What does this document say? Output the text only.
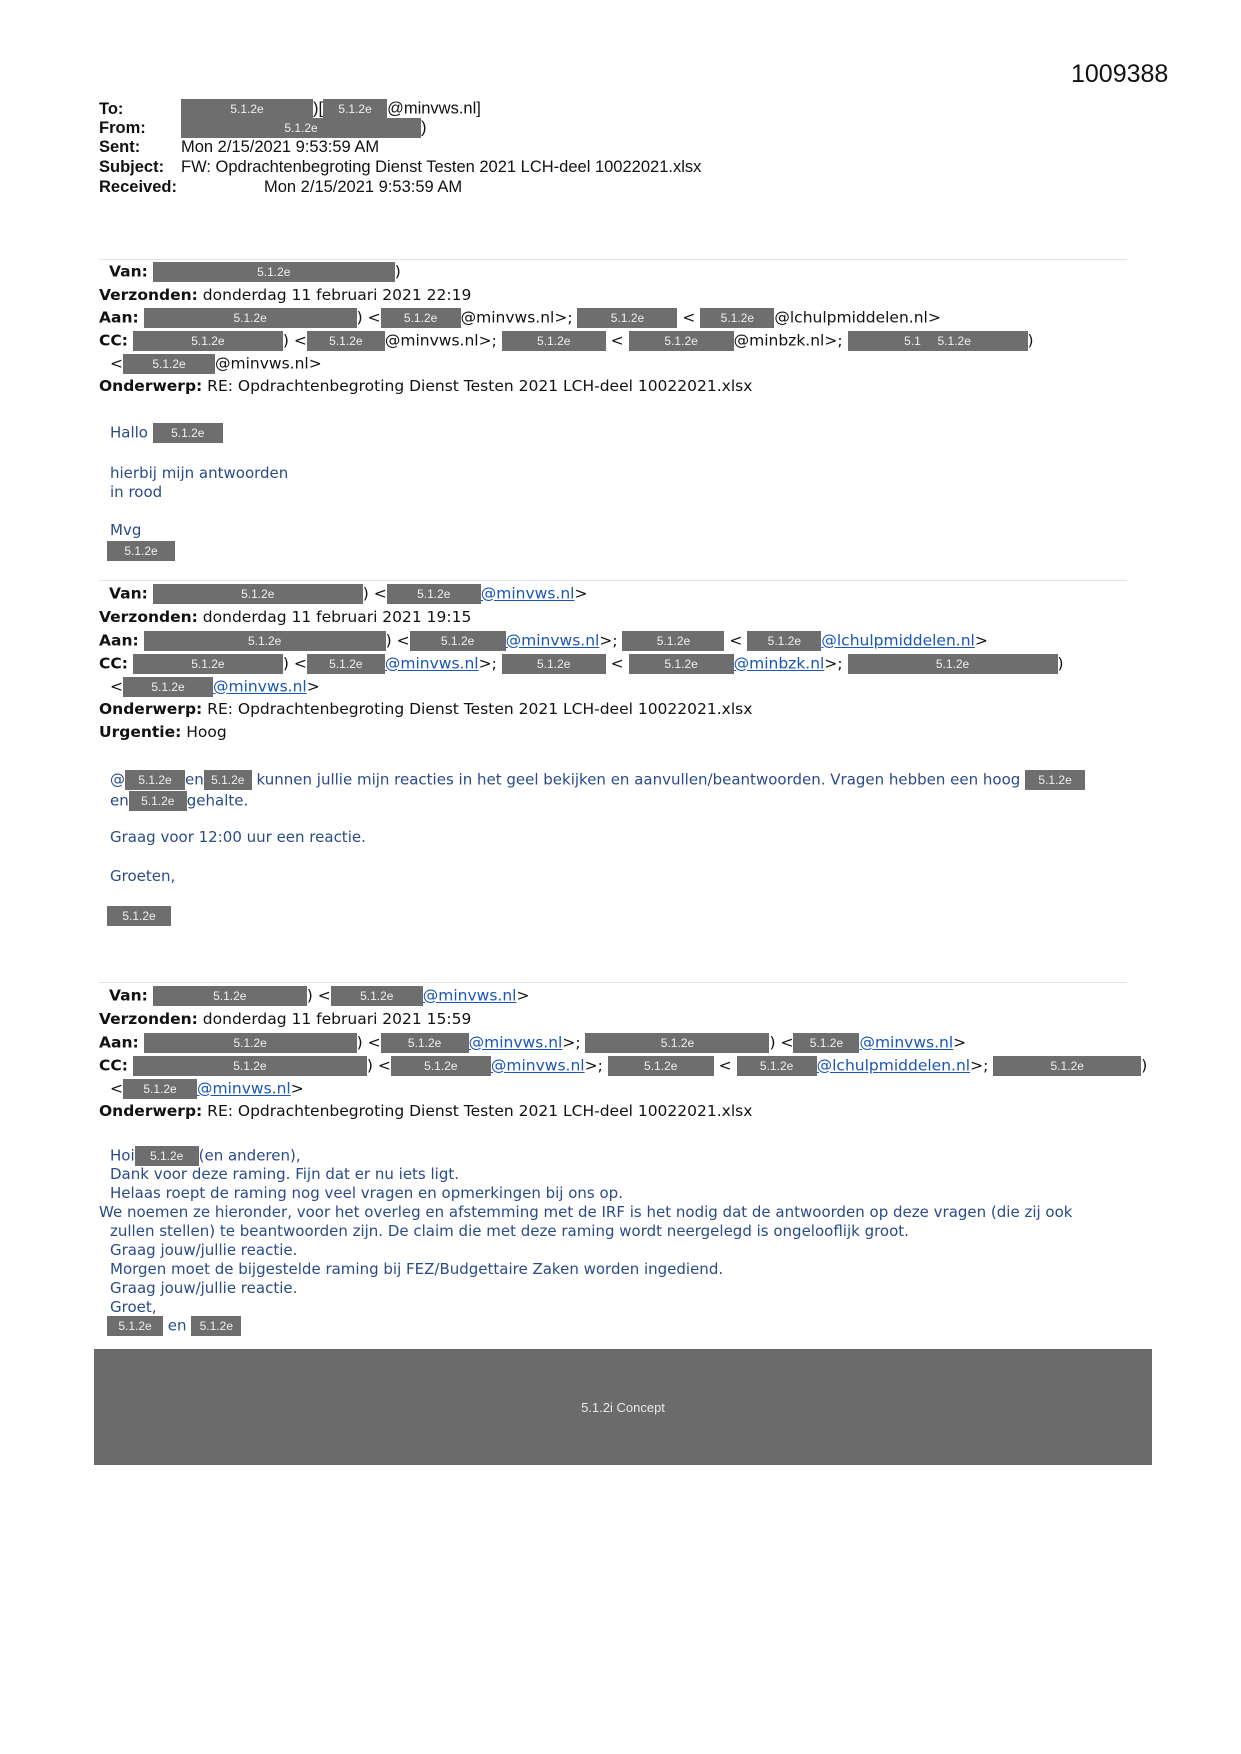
1009388
To:	5.1.2e	)[ 5.1.2e @minvws.nl]
From:	5.1.2e	)
Sent: Mon 2/15/2021 9:53:59 AM
Subject: FW: Opdrachtenbegroting Dienst Testen 2021 LCH-deel 10022021.xlsx
Received:	Mon 2/15/2021 9:53:59 AM
Van:	5.1.2e	)
Verzonden: donderdag 11 februari 2021 22:19
Aan:	5.1.2e	) < 5.1.2e @minvws.nl>;	5.1.2e < 5.1.2e @lchulpmiddelen.nl>
CC:	5.1.2e	) < 5.1.2e @minvws.nl>;	5.1.2e	<	5.1.2e @minbzk.nl>;	5.1 5.1.2e	)
< 5.1.2e @minvws.nl>
Onderwerp: RE: Opdrachtenbegroting Dienst Testen 2021 LCH-deel 10022021.xlsx
Hallo 5.1.2e
hierbij mijn antwoorden
in rood
Mvg
5.1.2e
Van:	5.1.2e	) <	5.1.2e @minvws.nl>
Verzonden: donderdag 11 februari 2021 19:15
Aan:	5.1.2e	) <	5.1.2e @minvws.nl>;	5.1.2e	< 5.1.2e @lchulpmiddelen.nl>
CC:	5.1.2e	) < 5.1.2e @minvws.nl>;	5.1.2e	<	5.1.2e @minbzk.nl>;	5.1.2e	)
< 5.1.2e @minvws.nl>
Onderwerp: RE: Opdrachtenbegroting Dienst Testen 2021 LCH-deel 10022021.xlsx
Urgentie: Hoog
@ 5.1.2e en 5.1.2e kunnen jullie mijn reacties in het geel bekijken en aanvullen/beantwoorden. Vragen hebben een hoog 5.1.2e
en 5.1.2e gehalte.
Graag voor 12:00 uur een reactie.
Groeten,
5.1.2e
Van:	5.1.2e	) < 5.1.2e @minvws.nl>
Verzonden: donderdag 11 februari 2021 15:59
Aan:	5.1.2e	) < 5.1.2e @minvws.nl>;	5.1.2e	) < 5.1.2e @minvws.nl>
CC:	5.1.2e	) <	5.1.2e @minvws.nl>;	5.1.2e	< 5.1.2e @lchulpmiddelen.nl>;	5.1.2e	)
< 5.1.2e @minvws.nl>
Onderwerp: RE: Opdrachtenbegroting Dienst Testen 2021 LCH-deel 10022021.xlsx
Hoi 5.1.2e (en anderen),
Dank voor deze raming. Fijn dat er nu iets ligt.
Helaas roept de raming nog veel vragen en opmerkingen bij ons op.
We noemen ze hieronder, voor het overleg en afstemming met de IRF is het nodig dat de antwoorden op deze vragen (die zij ook
zullen stellen) te beantwoorden zijn. De claim die met deze raming wordt neergelegd is ongelooflijk groot.
Graag jouw/jullie reactie.
Morgen moet de bijgestelde raming bij FEZ/Budgettaire Zaken worden ingediend.
Graag jouw/jullie reactie.
Groet,
5.1.2e en 5.1.2e
5.1.2i Concept
